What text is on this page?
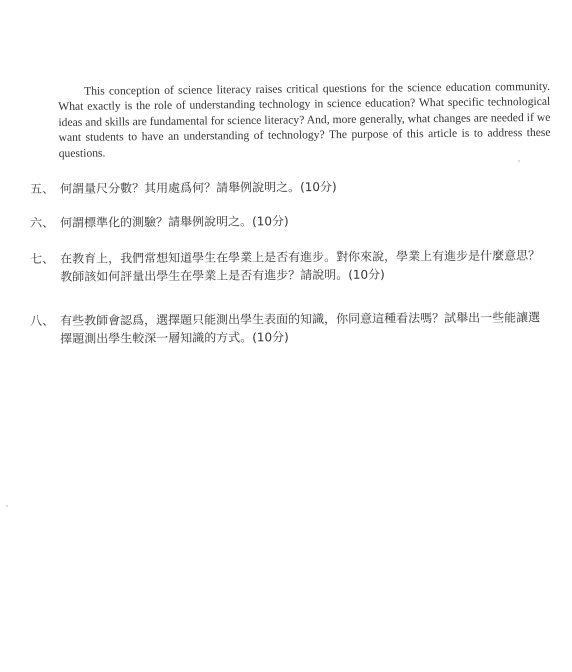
This conception of science literacy raises critical questions for the science education community. What exactly is the role of understanding technology in science education? What specific technological ideas and skills are fundamental for science literacy? And, more generally, what changes are needed if we want students to have an understanding of technology? The purpose of this article is to address these questions.

五、 何謂量尺分數？其用處爲何？請舉例說明之。(10分)
六、 何謂標準化的測驗？請舉例說明之。(10分)
七、 在教育上，我們常想知道學生在學業上是否有進步。對你來說，學業上有進步是什麼意思？教師該如何評量出學生在學業上是否有進步？請說明。(10分)
八、 有些教師會認爲，選擇題只能測出學生表面的知識，你同意這種看法嗎？試舉出一些能讓選擇題測出學生較深一層知識的方式。(10分)
